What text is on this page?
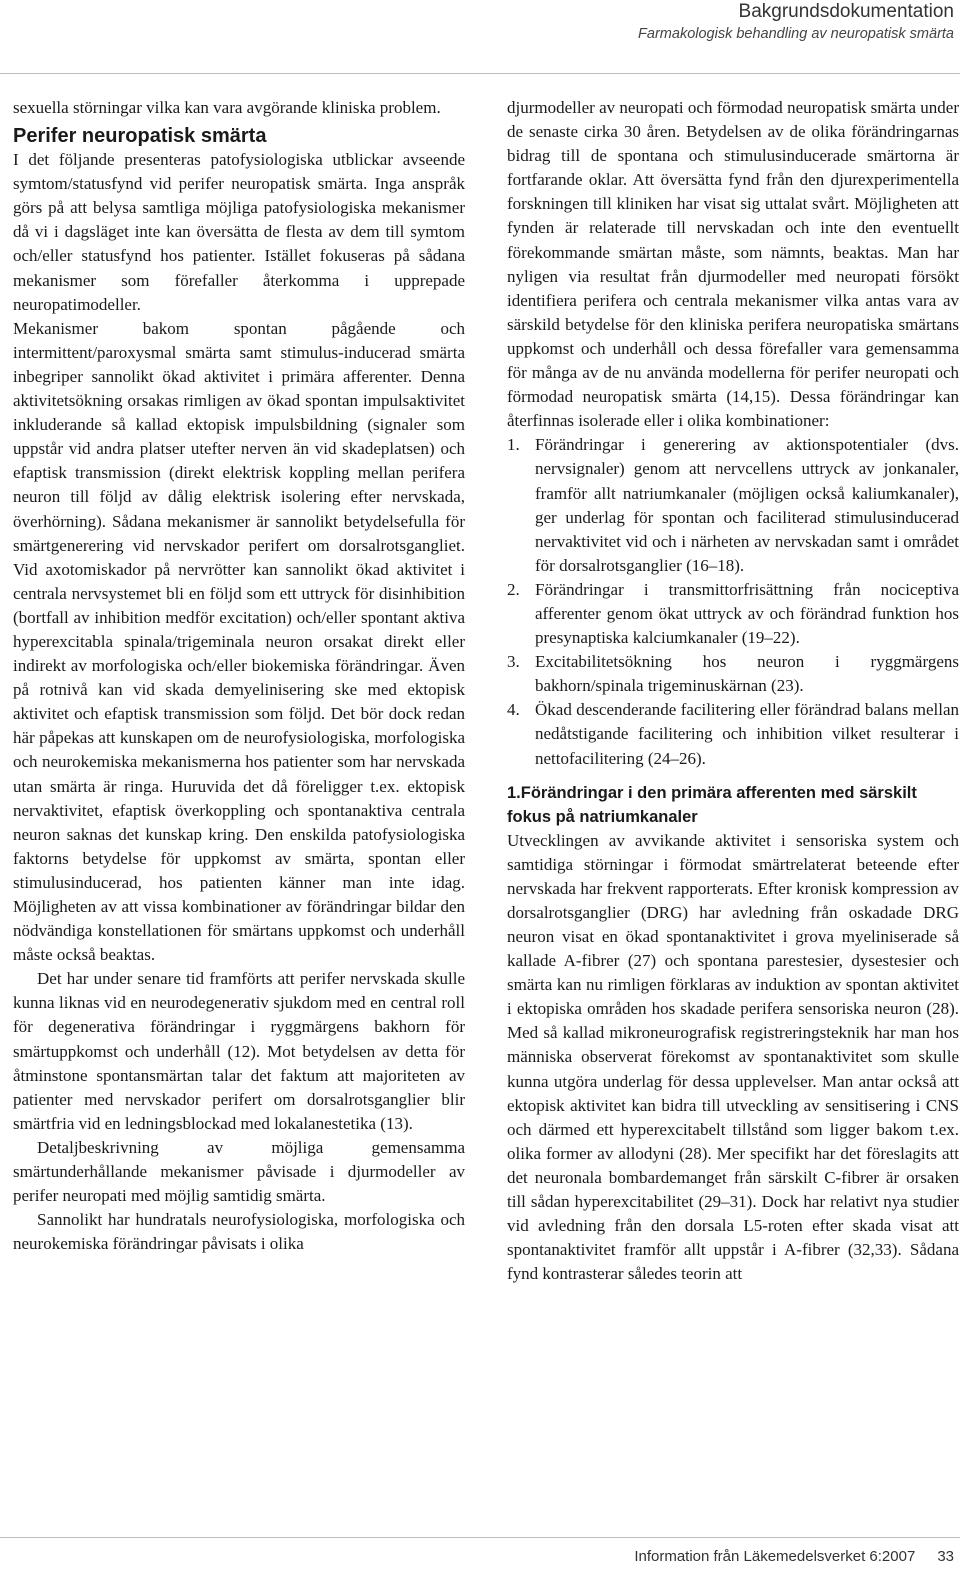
Bakgrundsdokumentation
Farmakologisk behandling av neuropatisk smärta

sexuella störningar vilka kan vara avgörande kliniska problem.

Perifer neuropatisk smärta

I det följande presenteras patofysiologiska utblickar avseende symtom/statusfynd vid perifer neuropatisk smärta. Inga anspråk görs på att belysa samtliga möjliga patofysiologiska mekanismer då vi i dagsläget inte kan översätta de flesta av dem till symtom och/eller statusfynd hos patienter. Istället fokuseras på sådana mekanismer som förefaller återkomma i upprepade neuropatimodeller.

Mekanismer bakom spontan pågående och intermittent/paroxysmal smärta samt stimulus-inducerad smärta inbegriper sannolikt ökad aktivitet i primära afferenter. Denna aktivitetsökning orsakas rimligen av ökad spontan impulsaktivitet inkluderande så kallad ektopisk impulsbildning (signaler som uppstår vid andra platser utefter nerven än vid skadeplatsen) och efaptisk transmission (direkt elektrisk koppling mellan perifera neuron till följd av dålig elektrisk isolering efter nervskada, överhörning). Sådana mekanismer är sannolikt betydelsefulla för smärtgenerering vid nervskador perifert om dorsalrotsgangliet. Vid axotomiskador på nervrötter kan sannolikt ökad aktivitet i centrala nervsystemet bli en följd som ett uttryck för disinhibition (bortfall av inhibition medför excitation) och/eller spontant aktiva hyperexcitabla spinala/trigeminala neuron orsakat direkt eller indirekt av morfologiska och/eller biokemiska förändringar. Även på rotnivå kan vid skada demyelinisering ske med ektopisk aktivitet och efaptisk transmission som följd. Det bör dock redan här påpekas att kunskapen om de neurofysiologiska, morfologiska och neurokemiska mekanismerna hos patienter som har nervskada utan smärta är ringa. Huruvida det då föreligger t.ex. ektopisk nervaktivitet, efaptisk överkoppling och spontanaktiva centrala neuron saknas det kunskap kring. Den enskilda patofysiologiska faktorns betydelse för uppkomst av smärta, spontan eller stimulusinducerad, hos patienten känner man inte idag. Möjligheten av att vissa kombinationer av förändringar bildar den nödvändiga konstellationen för smärtans uppkomst och underhåll måste också beaktas.

Det har under senare tid framförts att perifer nervskada skulle kunna liknas vid en neurodegenerativ sjukdom med en central roll för degenerativa förändringar i ryggmärgens bakhorn för smärtuppkomst och underhåll (12). Mot betydelsen av detta för åtminstone spontansmärtan talar det faktum att majoriteten av patienter med nervskador perifert om dorsalrotsganglier blir smärtfria vid en ledningsblockad med lokalanestetika (13).

Detaljbeskrivning av möjliga gemensamma smärtunderhållande mekanismer påvisade i djurmodeller av perifer neuropati med möjlig samtidig smärta.

Sannolikt har hundratals neurofysiologiska, morfologiska och neurokemiska förändringar påvisats i olika

djurmodeller av neuropati och förmodad neuropatisk smärta under de senaste cirka 30 åren. Betydelsen av de olika förändringarnas bidrag till de spontana och stimulusinducerade smärtorna är fortfarande oklar. Att översätta fynd från den djurexperimentella forskningen till kliniken har visat sig uttalat svårt. Möjligheten att fynden är relaterade till nervskadan och inte den eventuellt förekommande smärtan måste, som nämnts, beaktas. Man har nyligen via resultat från djurmodeller med neuropati försökt identifiera perifera och centrala mekanismer vilka antas vara av särskild betydelse för den kliniska perifera neuropatiska smärtans uppkomst och underhåll och dessa förefaller vara gemensamma för många av de nu använda modellerna för perifer neuropati och förmodad neuropatisk smärta (14,15). Dessa förändringar kan återfinnas isolerade eller i olika kombinationer:

1. Förändringar i generering av aktionspotentialer (dvs. nervsignaler) genom att nervcellens uttryck av jonkanaler, framför allt natriumkanaler (möjligen också kaliumkanaler), ger underlag för spontan och faciliterad stimulusinducerad nervaktivitet vid och i närheten av nervskadan samt i området för dorsalrotsganglier (16–18).
2. Förändringar i transmittorfrisättning från nociceptiva afferenter genom ökat uttryck av och förändrad funktion hos presynaptiska kalciumkanaler (19–22).
3. Excitabilitetsökning hos neuron i ryggmärgens bakhorn/spinala trigeminuskärnan (23).
4. Ökad descenderande facilitering eller förändrad balans mellan nedåtstigande facilitering och inhibition vilket resulterar i nettofacilitering (24–26).
1.Förändringar i den primära afferenten med särskilt fokus på natriumkanaler

Utvecklingen av avvikande aktivitet i sensoriska system och samtidiga störningar i förmodat smärtrelaterat beteende efter nervskada har frekvent rapporterats. Efter kronisk kompression av dorsalrotsganglier (DRG) har avledning från oskadade DRG neuron visat en ökad spontanaktivitet i grova myeliniserade så kallade A-fibrer (27) och spontana parestesier, dysestesier och smärta kan nu rimligen förklaras av induktion av spontan aktivitet i ektopiska områden hos skadade perifera sensoriska neuron (28). Med så kallad mikroneurografisk registreringsteknik har man hos människa observerat förekomst av spontanaktivitet som skulle kunna utgöra underlag för dessa upplevelser. Man antar också att ektopisk aktivitet kan bidra till utveckling av sensitisering i CNS och därmed ett hyperexcitabelt tillstånd som ligger bakom t.ex. olika former av allodyni (28). Mer specifikt har det föreslagits att det neuronala bombardemanget från särskilt C-fibrer är orsaken till sådan hyperexcitabilitet (29–31). Dock har relativt nya studier vid avledning från den dorsala L5-roten efter skada visat att spontanaktivitet framför allt uppstår i A-fibrer (32,33). Sådana fynd kontrasterar således teorin att

Information från Läkemedelsverket 6:2007 33
